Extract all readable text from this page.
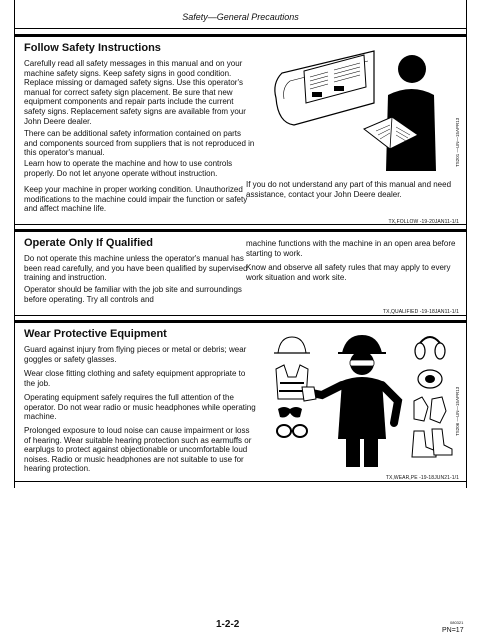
Safety—General Precautions
Follow Safety Instructions
Carefully read all safety messages in this manual and on your machine safety signs. Keep safety signs in good condition. Replace missing or damaged safety signs. Use this operator's manual for correct safety sign placement. Be sure that new equipment components and repair parts include the current safety signs. Replacement safety signs are available from your John Deere dealer.
There can be additional safety information contained on parts and components sourced from suppliers that is not reproduced in this operator's manual.
Learn how to operate the machine and how to use controls properly. Do not let anyone operate without instruction.
Keep your machine in proper working condition. Unauthorized modifications to the machine could impair the function or safety and affect machine life.
If you do not understand any part of this manual and need assistance, contact your John Deere dealer.
TS201 —UN—15APR13
TX,FOLLOW -19-20JAN11-1/1
Operate Only If Qualified
Do not operate this machine unless the operator's manual has been read carefully, and you have been qualified by supervised training and instruction.
Operator should be familiar with the job site and surroundings before operating. Try all controls and
machine functions with the machine in an open area before starting to work.
Know and observe all safety rules that may apply to every work situation and work site.
TX,QUALIFIED -19-18JAN11-1/1
Wear Protective Equipment
Guard against injury from flying pieces or metal or debris; wear goggles or safety glasses.
Wear close fitting clothing and safety equipment appropriate to the job.
Operating equipment safely requires the full attention of the operator. Do not wear radio or music headphones while operating machine.
Prolonged exposure to loud noise can cause impairment or loss of hearing. Wear suitable hearing protection such as earmuffs or earplugs to protect against objectionable or uncomfortable loud noises. Radio or music headphones are not suitable to use for hearing protection.
TS206 —UN—15APR13
TX,WEAR,PE -19-18JUN21-1/1
1-2-2	080321
PN=17
